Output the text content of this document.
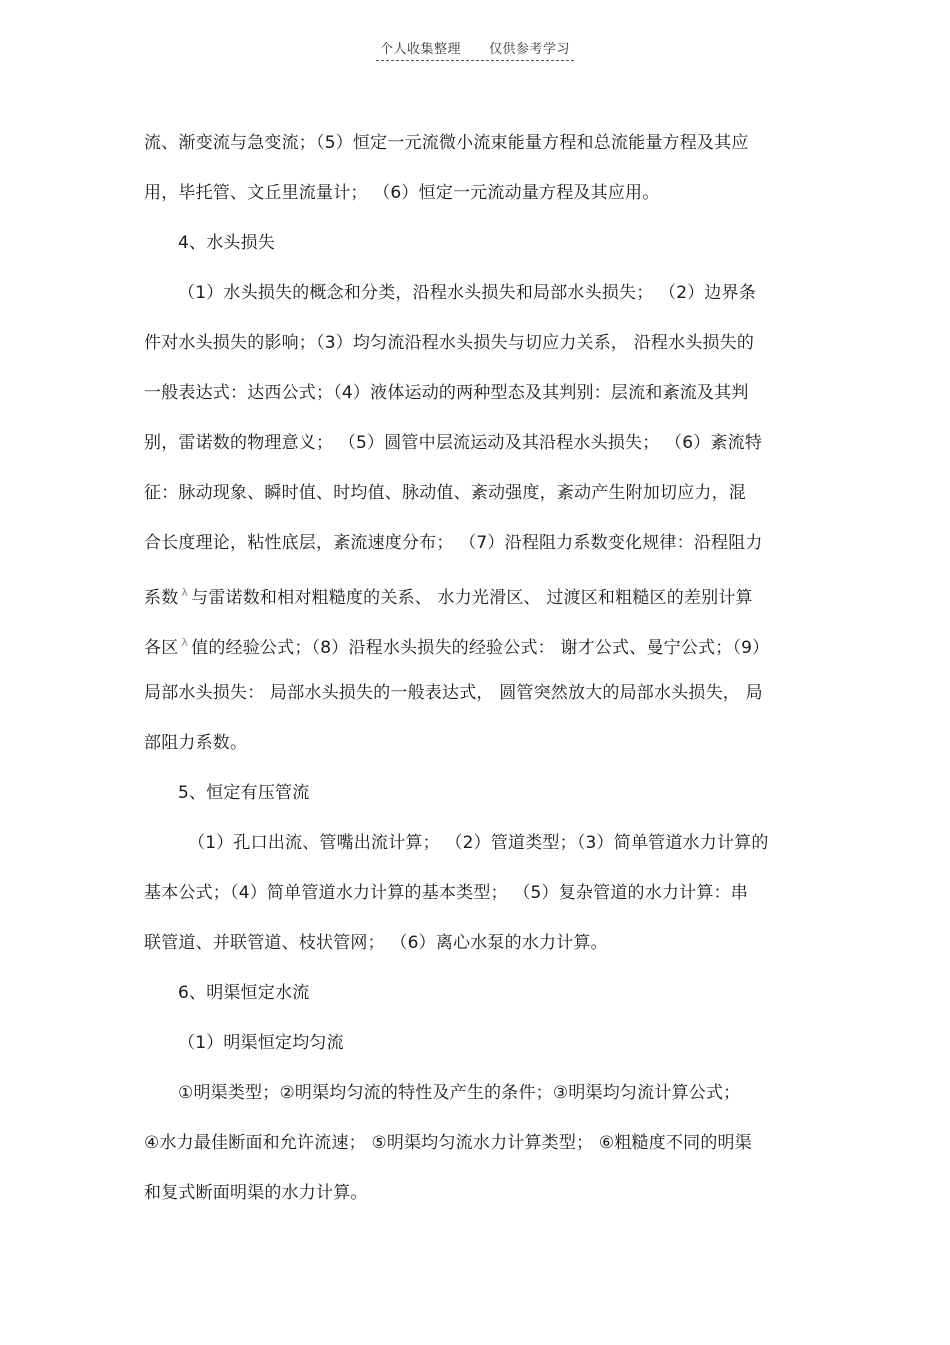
个人收集整理 仅供参考学习
流、渐变流与急变流；（5）恒定一元流微小流束能量方程和总流能量方程及其应
用，毕托管、文丘里流量计； （6）恒定一元流动量方程及其应用。
4、水头损失
（1）水头损失的概念和分类，沿程水头损失和局部水头损失； （2）边界条
件对水头损失的影响；（3）均匀流沿程水头损失与切应力关系， 沿程水头损失的
一般表达式：达西公式；（4）液体运动的两种型态及其判别：层流和紊流及其判
别，雷诺数的物理意义； （5）圆管中层流运动及其沿程水头损失； （6）紊流特
征：脉动现象、瞬时值、时均值、脉动值、紊动强度，紊动产生附加切应力，混
合长度理论，粘性底层，紊流速度分布； （7）沿程阻力系数变化规律：沿程阻力
系数 λ 与雷诺数和相对粗糙度的关系、 水力光滑区、 过渡区和粗糙区的差别计算
各区 λ 值的经验公式；（8）沿程水头损失的经验公式： 谢才公式、曼宁公式；（9）
局部水头损失： 局部水头损失的一般表达式， 圆管突然放大的局部水头损失， 局
部阻力系数。
5、恒定有压管流
（1）孔口出流、管嘴出流计算； （2）管道类型；（3）简单管道水力计算的
基本公式；（4）简单管道水力计算的基本类型； （5）复杂管道的水力计算：串
联管道、并联管道、枝状管网； （6）离心水泵的水力计算。
6、明渠恒定水流
（1）明渠恒定均匀流
①明渠类型；②明渠均匀流的特性及产生的条件；③明渠均匀流计算公式；
④水力最佳断面和允许流速； ⑤明渠均匀流水力计算类型； ⑥粗糙度不同的明渠
和复式断面明渠的水力计算。
